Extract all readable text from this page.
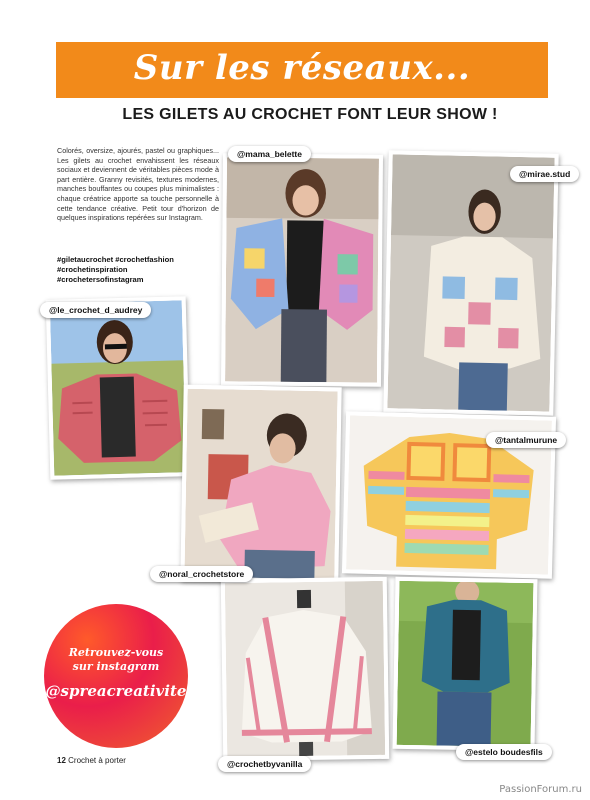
Sur les réseaux...
LES GILETS AU CROCHET FONT LEUR SHOW !
Colorés, oversize, ajourés, pastel ou graphiques... Les gilets au crochet envahissent les réseaux sociaux et deviennent de véritables pièces mode à part entière. Granny revisités, textures modernes, manches bouffantes ou coupes plus minimalistes : chaque créatrice apporte sa touche personnelle à cette tendance créative. Petit tour d'horizon de quelques inspirations repérées sur Instagram.
#giletaucrochet #crochetfashion
#crochetinspiration
#crochetersofinstagram
@mama_belette
@mirae.stud
@le_crochet_d_audrey
@noral_crochetstore
@tantalmurune
@crochetbyvanilla
@estelo boudesfils
Retrouvez-vous
sur instagram
@spreacreativite
12 Crochet à porter
PassionForum.ru
